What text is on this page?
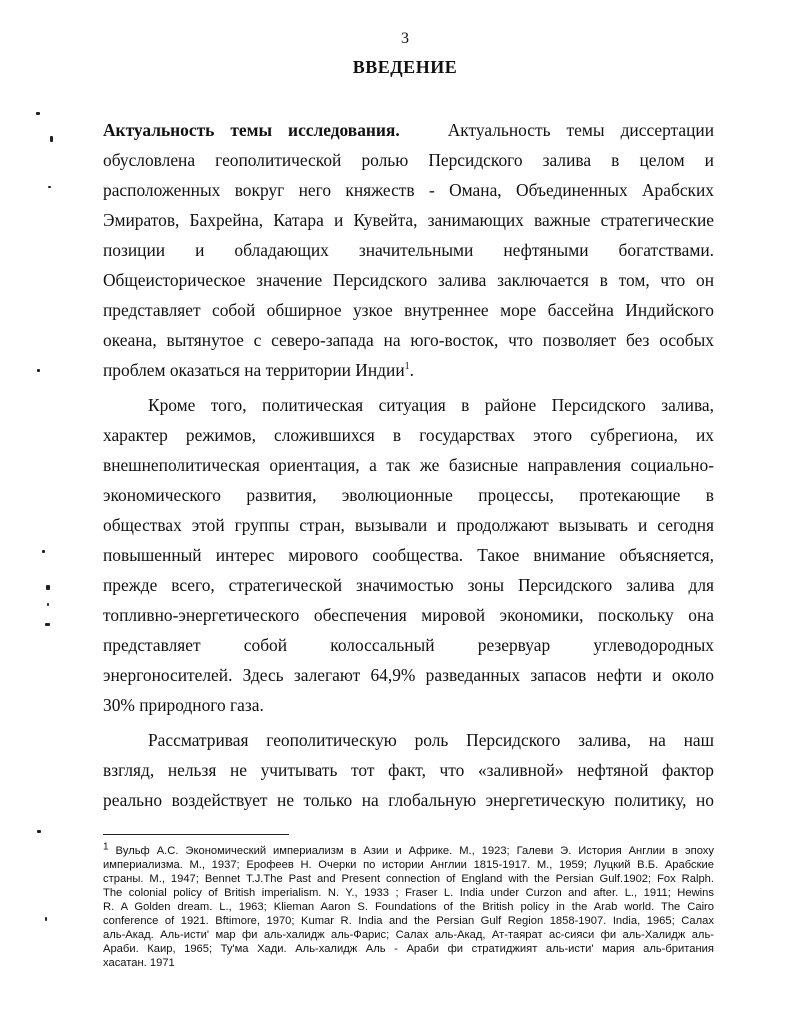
3
ВВЕДЕНИЕ
Актуальность темы исследования.	Актуальность темы диссертации
обусловлена геополитической ролью Персидского залива в целом и
расположенных вокруг него княжеств - Омана, Объединенных Арабских
Эмиратов, Бахрейна, Катара и Кувейта, занимающих важные стратегические
позиции и обладающих значительными нефтяными богатствами.
Общеисторическое значение Персидского залива заключается в том, что он
представляет собой обширное узкое внутреннее море бассейна Индийского
океана, вытянутое с северо-запада на юго-восток, что позволяет без особых
проблем оказаться на территории Индии$^1$.
Кроме того, политическая ситуация в районе Персидского залива,
характер режимов, сложившихся в государствах этого субрегиона, их
внешнеполитическая ориентация, а так же базисные направления социально-
экономического развития, эволюционные процессы, протекающие в
обществах этой группы стран, вызывали и продолжают вызывать и сегодня
повышенный интерес мирового сообщества. Такое внимание объясняется,
прежде всего, стратегической значимостью зоны Персидского залива для
топливно-энергетического обеспечения мировой экономики, поскольку она
представляет собой колоссальный резервуар углеводородных
энергоносителей. Здесь залегают 64,9% разведанных запасов нефти и около
30% природного газа.
Рассматривая геополитическую роль Персидского залива, на наш
взгляд, нельзя не учитывать тот факт, что «заливной» нефтяной фактор
реально воздействует не только на глобальную энергетическую политику, но
$^1$ Вульф А.С. Экономический империализм в Азии и Африке. М., 1923; Галеви Э. История Англии в эпоху
империализма. М., 1937; Ерофеев Н. Очерки по истории Англии 1815-1917. М., 1959; Луцкий В.Б. Арабские
страны. М., 1947; Bennet T.J.The Past and Present connection of England with the Persian Gulf.1902; Fox Ralph.
The colonial policy of British imperialism. N. Y., 1933 ; Fraser L. India under Curzon and after. L., 1911; Hewins
R. A Golden dream. L., 1963; Klieman Aaron S. Foundations of the British policy in the Arab world. The Cairo
conference of 1921. Bftimore, 1970; Kumar R. India and the Persian Gulf Region 1858-1907. India, 1965; Салах
аль-Акад. Аль-исти' мар фи аль-халидж аль-Фарис; Салах аль-Акад, Ат-таярат ас-сияси фи аль-Халидж аль-
Араби. Каир, 1965; Ту'ма Хади. Аль-халидж Аль - Араби фи стратиджият аль-исти' мария аль-британия
хасатан. 1971
